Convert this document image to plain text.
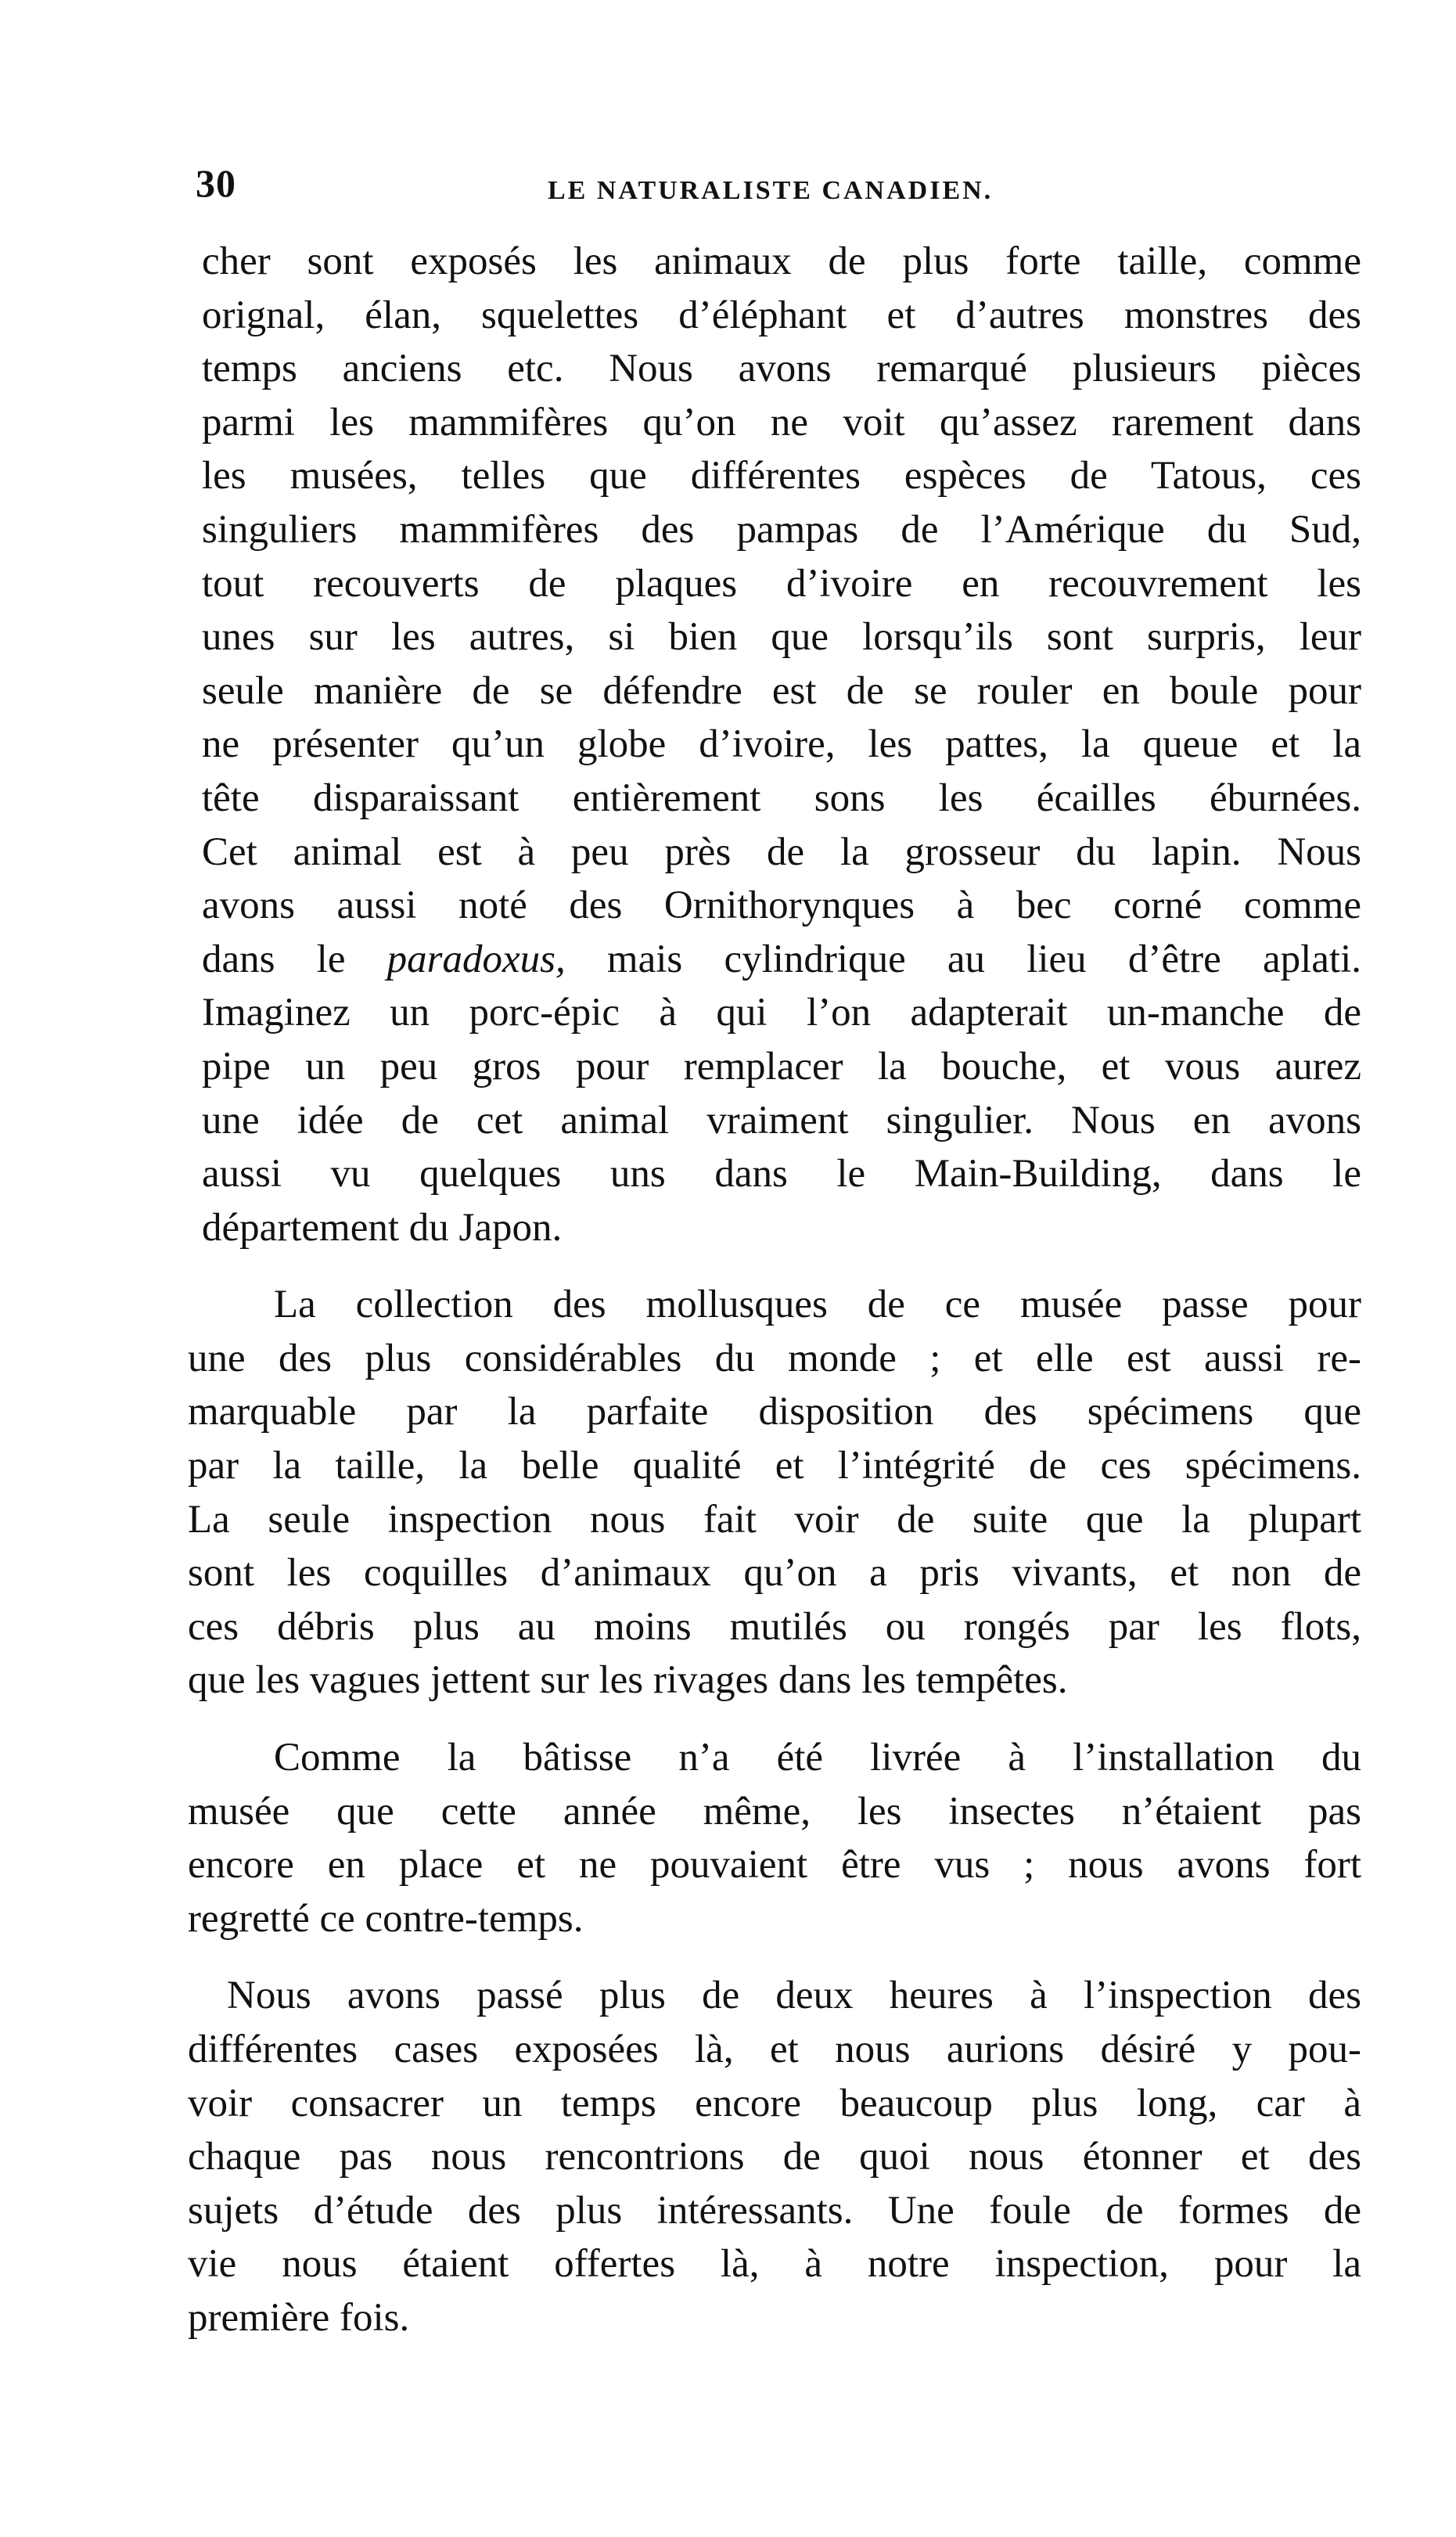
30	LE NATURALISTE CANADIEN.

cher sont exposés les animaux de plus forte taille, comme
orignal, élan, squelettes d’éléphant et d’autres monstres des
temps anciens etc. Nous avons remarqué plusieurs pièces
parmi les mammifères qu’on ne voit qu’assez rarement dans
les musées, telles que différentes espèces de Tatous, ces
singuliers mammifères des pampas de l’Amérique du Sud,
tout recouverts de plaques d’ivoire en recouvrement les
unes sur les autres, si bien que lorsqu’ils sont surpris, leur
seule manière de se défendre est de se rouler en boule pour
ne présenter qu’un globe d’ivoire, les pattes, la queue et la
tête disparaissant entièrement sons les écailles éburnées.
Cet animal est à peu près de la grosseur du lapin. Nous
avons aussi noté des Ornithorynques à bec corné comme
dans le paradoxus, mais cylindrique au lieu d’être aplati.
Imaginez un porc-épic à qui l’on adapterait un-manche de
pipe un peu gros pour remplacer la bouche, et vous aurez
une idée de cet animal vraiment singulier. Nous en avons
aussi vu quelques uns dans le Main-Building, dans le
département du Japon.

La collection des mollusques de ce musée passe pour
une des plus considérables du monde ; et elle est aussi re-
marquable par la parfaite disposition des spécimens que
par la taille, la belle qualité et l’intégrité de ces spécimens.
La seule inspection nous fait voir de suite que la plupart
sont les coquilles d’animaux qu’on a pris vivants, et non de
ces débris plus au moins mutilés ou rongés par les flots,
que les vagues jettent sur les rivages dans les tempêtes.

Comme la bâtisse n’a été livrée à l’installation du
musée que cette année même, les insectes n’étaient pas
encore en place et ne pouvaient être vus ; nous avons fort
regretté ce contre-temps.

Nous avons passé plus de deux heures à l’inspection des
différentes cases exposées là, et nous aurions désiré y pou-
voir consacrer un temps encore beaucoup plus long, car à
chaque pas nous rencontrions de quoi nous étonner et des
sujets d’étude des plus intéressants. Une foule de formes de
vie nous étaient offertes là, à notre inspection, pour la
première fois.
